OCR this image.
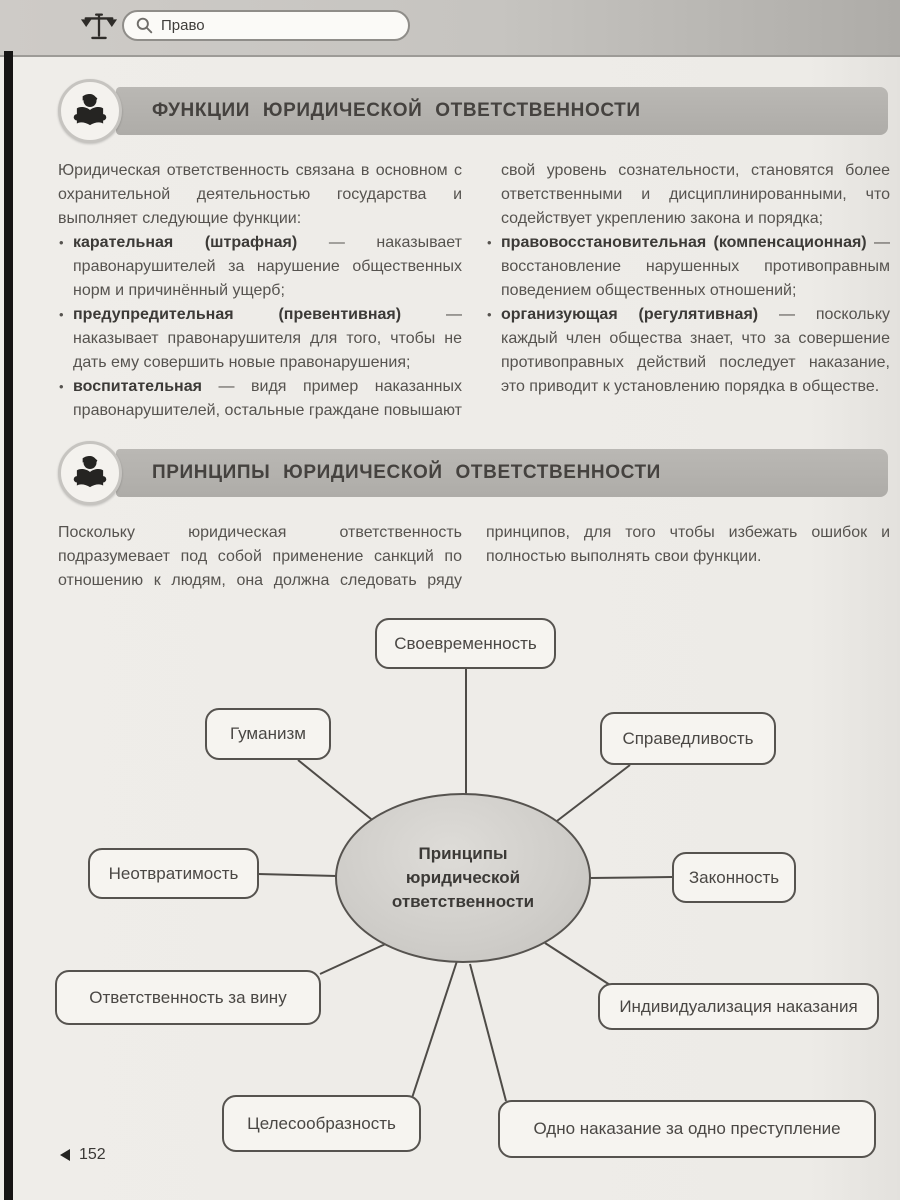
Право
ФУНКЦИИ ЮРИДИЧЕСКОЙ ОТВЕТСТВЕННОСТИ

Юридическая ответственность связана в основном с охранительной деятельностью государства и выполняет следующие функции:

• карательная (штрафная) — наказывает правонарушителей за нарушение общественных норм и причинённый ущерб;
• предупредительная (превентивная) — наказывает правонарушителя для того, чтобы не дать ему совершить новые правонарушения;
• воспитательная — видя пример наказанных правонарушителей, остальные граждане повышают свой уровень сознательности, становятся более ответственными и дисциплинированными, что содействует укреплению закона и порядка;
• правовосстановительная (компенсационная) — восстановление нарушенных противоправным поведением общественных отношений;
• организующая (регулятивная) — поскольку каждый член общества знает, что за совершение противоправных действий последует наказание, это приводит к установлению порядка в обществе.
ПРИНЦИПЫ ЮРИДИЧЕСКОЙ ОТВЕТСТВЕННОСТИ

Поскольку юридическая ответственность подразумевает под собой применение санкций по отношению к людям, она должна следовать ряду принципов, для того чтобы избежать ошибок и полностью выполнять свои функции.

Своевременность
Гуманизм	Справедливость
Неотвратимость	Законность
Ответственность за вину	Индивидуализация наказания
Целесообразность	Одно наказание за одно преступление
Принципы юридической ответственности
152
